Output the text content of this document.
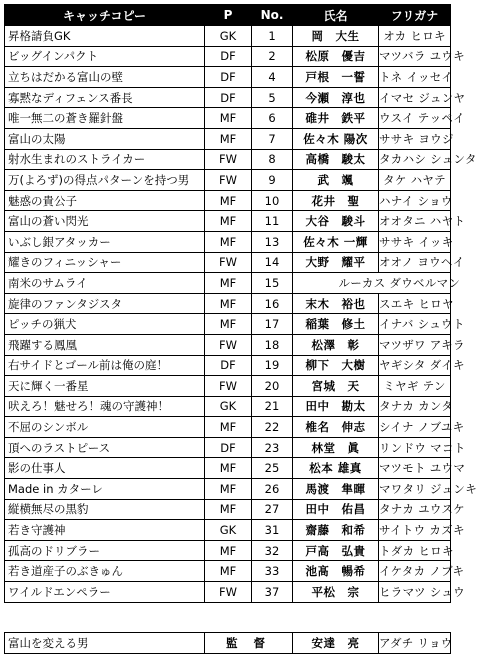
キャッチコピー	P	No.	氏名	フリガナ
昇格請負GK	GK	1	岡　大生	オカ ヒロキ
ビッグインパクト	DF	2	松原　優吉	マツバラ ユウキ
立ちはだかる富山の壁	DF	4	戸根　一誓	トネ イッセイ
寡黙なディフェンス番長	DF	5	今瀬　淳也	イマセ ジュンヤ
唯一無二の蒼き羅針盤	MF	6	碓井　鉄平	ウスイ テッペイ
富山の太陽	MF	7	佐々木 陽次	ササキ ヨウジ
射水生まれのストライカー	FW	8	高橋　駿太	タカハシ シュンタ
万(よろず)の得点パターンを持つ男	FW	9	武　颯	タケ ハヤテ
魅惑の貴公子	MF	10	花井　聖	ハナイ ショウ
富山の蒼い閃光	MF	11	大谷　駿斗	オオタニ ハヤト
いぶし銀アタッカー	MF	13	佐々木 一輝	ササキ イッキ
耀きのフィニッシャー	FW	14	大野　耀平	オオノ ヨウヘイ
南米のサムライ	MF	15		ルーカス ダウベルマン
旋律のファンタジスタ	MF	16	末木　裕也	スエキ ヒロヤ
ピッチの猟犬	MF	17	稲葉　修土	イナバ シュウト
飛躍する鳳凰	FW	18	松澤　彰	マツザワ アキラ
右サイドとゴール前は俺の庭！	DF	19	柳下　大樹	ヤギシタ ダイキ
天に輝く一番星	FW	20	宮城　天	ミヤギ テン
吠えろ！魅せろ！魂の守護神！	GK	21	田中　勘太	タナカ カンタ
不屈のシンボル	MF	22	椎名　伸志	シイナ ノブユキ
頂へのラストピース	DF	23	林堂　眞	リンドウ マコト
影の仕事人	MF	25	松本 雄真	マツモト ユウマ
Made in カターレ	MF	26	馬渡　隼暉	マワタリ ジュンキ
縦横無尽の黒豹	MF	27	田中　佑昌	タナカ ユウスケ
若き守護神	GK	31	齋藤　和希	サイトウ カズキ
孤高のドリブラー	MF	32	戸高　弘貴	トダカ ヒロキ
若き道産子のぶきゅん	MF	33	池髙　暢希	イケタカ ノブキ
ワイルドエンペラー	FW	37	平松　宗	ヒラマツ シュウ
富山を変える男	監 督	安達　亮	アダチ リョウ
